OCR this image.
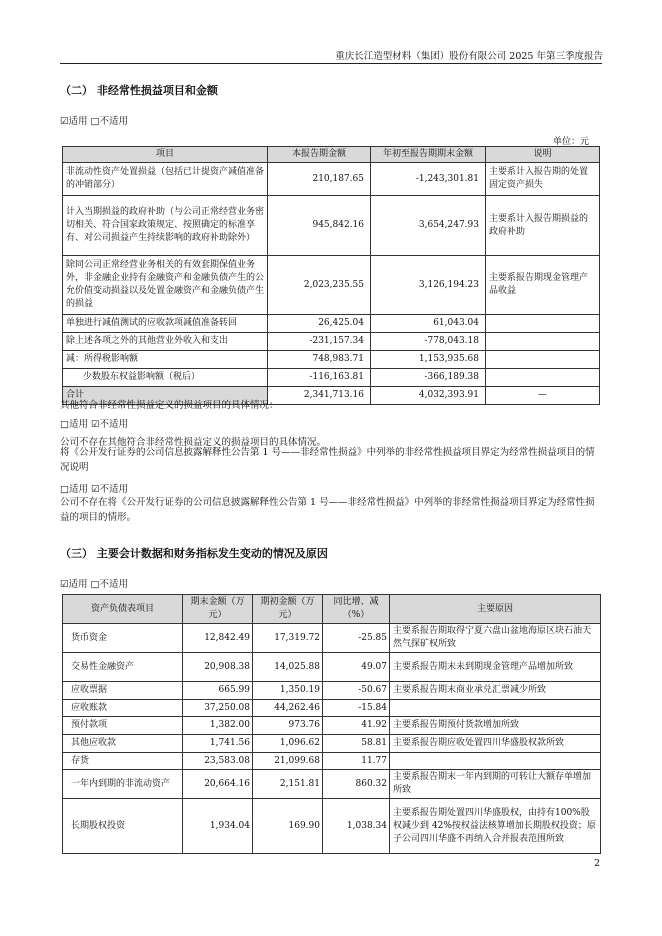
重庆长江造型材料（集团）股份有限公司 2025 年第三季度报告
（二） 非经常性损益项目和金额
☑适用 □不适用
单位：元
项目	本报告期金额	年初至报告期期末金额	说明
非流动性资产处置损益（包括已计提资产减值准备的冲销部分）	210,187.65	-1,243,301.81	主要系计入报告期的处置固定资产损失
计入当期损益的政府补助（与公司正常经营业务密切相关、符合国家政策规定、按照确定的标准享有、对公司损益产生持续影响的政府补助除外）	945,842.16	3,654,247.93	主要系计入报告期损益的政府补助
除同公司正常经营业务相关的有效套期保值业务外，非金融企业持有金融资产和金融负债产生的公允价值变动损益以及处置金融资产和金融负债产生的损益	2,023,235.55	3,126,194.23	主要系报告期现金管理产品收益
单独进行减值测试的应收款项减值准备转回	26,425.04	61,043.04	
除上述各项之外的其他营业外收入和支出	-231,157.34	-778,043.18	
减：所得税影响额	748,983.71	1,153,935.68	
少数股东权益影响额（税后）	-116,163.81	-366,189.38	
合计	2,341,713.16	4,032,393.91	—
其他符合非经常性损益定义的损益项目的具体情况：
□适用 ☑不适用
公司不存在其他符合非经常性损益定义的损益项目的具体情况。
将《公开发行证券的公司信息披露解释性公告第 1 号——非经常性损益》中列举的非经常性损益项目界定为经常性损益项目的情况说明
□适用 ☑不适用
公司不存在将《公开发行证券的公司信息披露解释性公告第 1 号——非经常性损益》中列举的非经常性损益项目界定为经常性损益的项目的情形。
（三） 主要会计数据和财务指标发生变动的情况及原因
☑适用 □不适用
资产负债表项目	期末金额（万元）	期初金额（万元）	同比增、减（%）	主要原因
货币资金	12,842.49	17,319.72	-25.85	主要系报告期取得宁夏六盘山盆地海原区块石油天然气探矿权所致
交易性金融资产	20,908.38	14,025.88	49.07	主要系报告期末未到期现金管理产品增加所致
应收票据	665.99	1,350.19	-50.67	主要系报告期末商业承兑汇票减少所致
应收账款	37,250.08	44,262.46	-15.84	
预付款项	1,382.00	973.76	41.92	主要系报告期预付货款增加所致
其他应收款	1,741.56	1,096.62	58.81	主要系报告期应收处置四川华盛股权款所致
存货	23,583.08	21,099.68	11.77	
一年内到期的非流动资产	20,664.16	2,151.81	860.32	主要系报告期末一年内到期的可转让大额存单增加所致
长期股权投资	1,934.04	169.90	1,038.34	主要系报告期处置四川华盛股权，由持有100%股权减少到 42%按权益法核算增加长期股权投资；原子公司四川华盛不再纳入合并报表范围所致
2
